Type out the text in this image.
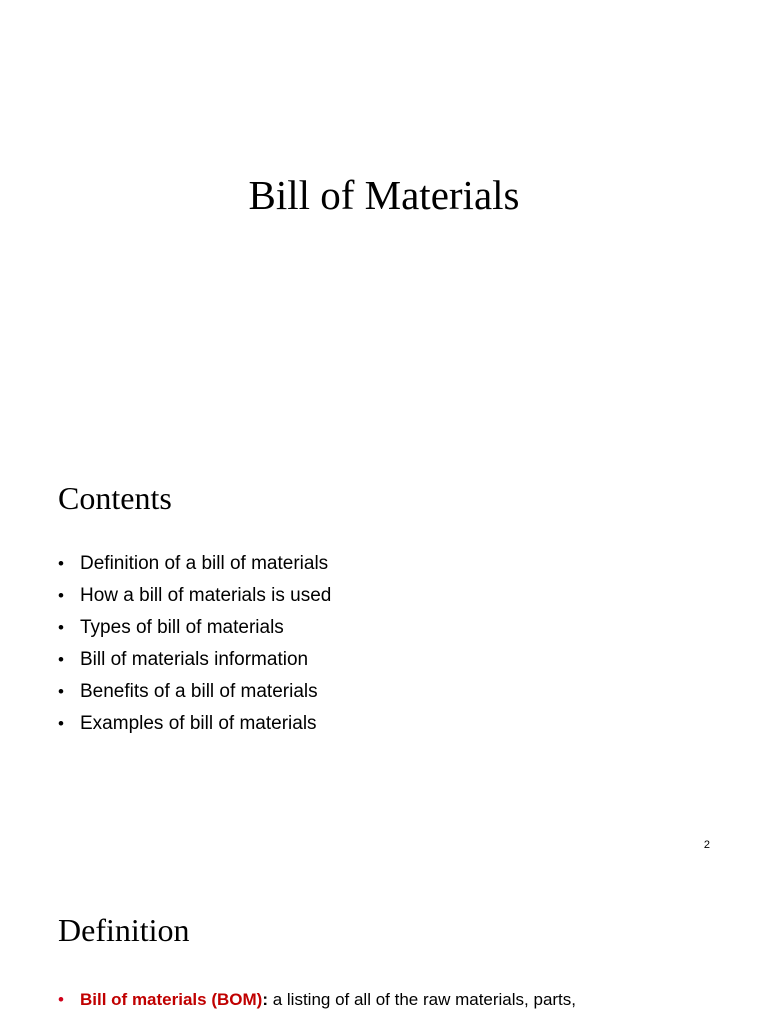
Bill of Materials
Contents
• Definition of a bill of materials
• How a bill of materials is used
• Types of bill of materials
• Bill of materials information
• Benefits of a bill of materials
• Examples of bill of materials
2
Definition
• Bill of materials (BOM): a listing of all of the raw materials, parts,
